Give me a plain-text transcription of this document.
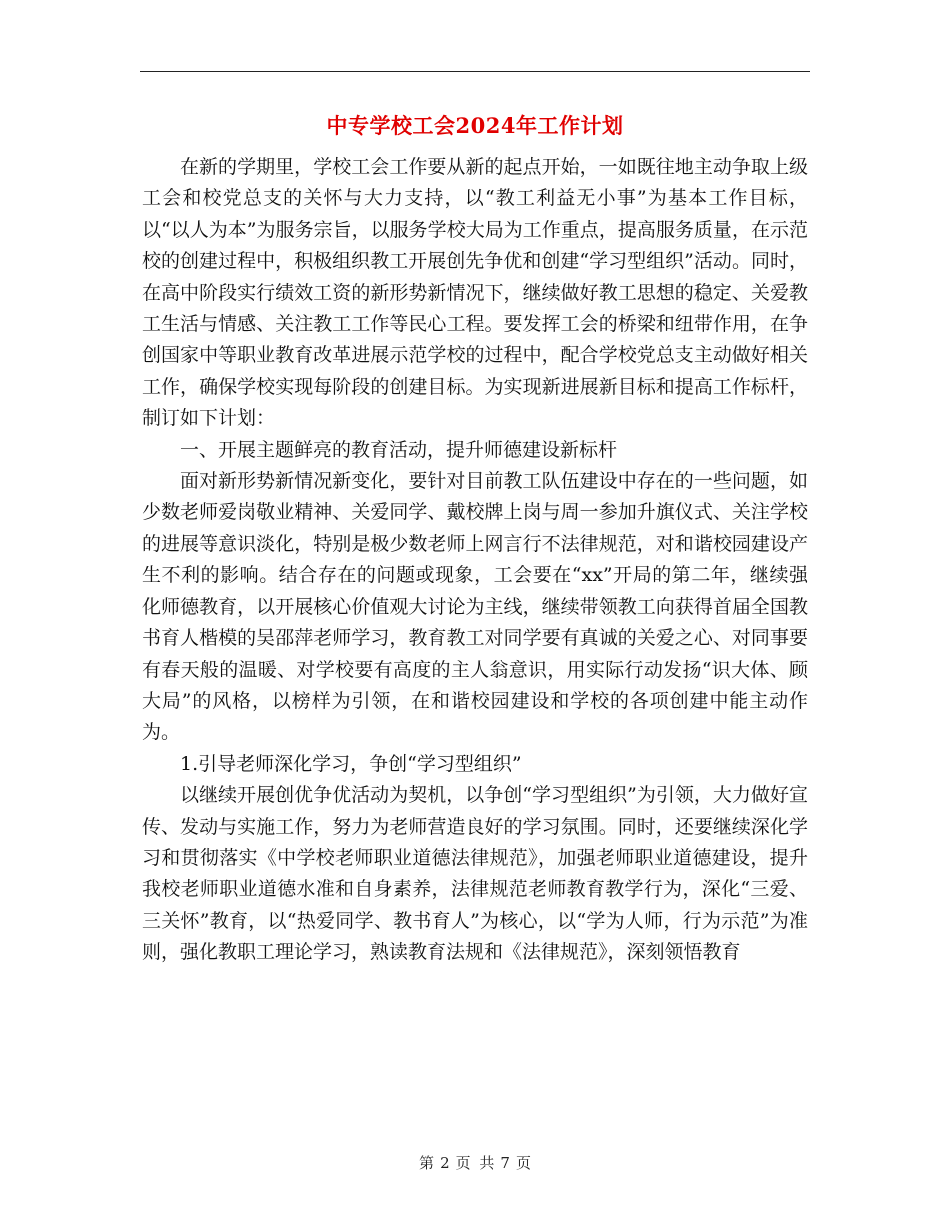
中专学校工会2024年工作计划

在新的学期里，学校工会工作要从新的起点开始，一如既往地主动争取上级工会和校党总支的关怀与大力支持，以“教工利益无小事”为基本工作目标，以“以人为本”为服务宗旨，以服务学校大局为工作重点，提高服务质量，在示范校的创建过程中，积极组织教工开展创先争优和创建“学习型组织”活动。同时，在高中阶段实行绩效工资的新形势新情况下，继续做好教工思想的稳定、关爱教工生活与情感、关注教工工作等民心工程。要发挥工会的桥梁和纽带作用，在争创国家中等职业教育改革进展示范学校的过程中，配合学校党总支主动做好相关工作，确保学校实现每阶段的创建目标。为实现新进展新目标和提高工作标杆，制订如下计划：

一、开展主题鲜亮的教育活动，提升师德建设新标杆

面对新形势新情况新变化，要针对目前教工队伍建设中存在的一些问题，如少数老师爱岗敬业精神、关爱同学、戴校牌上岗与周一参加升旗仪式、关注学校的进展等意识淡化，特别是极少数老师上网言行不法律规范，对和谐校园建设产生不利的影响。结合存在的问题或现象，工会要在“xx”开局的第二年，继续强化师德教育，以开展核心价值观大讨论为主线，继续带领教工向获得首届全国教书育人楷模的吴邵萍老师学习，教育教工对同学要有真诚的关爱之心、对同事要有春天般的温暖、对学校要有高度的主人翁意识，用实际行动发扬“识大体、顾大局”的风格，以榜样为引领，在和谐校园建设和学校的各项创建中能主动作为。

1.引导老师深化学习，争创“学习型组织”

以继续开展创优争优活动为契机，以争创“学习型组织”为引领，大力做好宣传、发动与实施工作，努力为老师营造良好的学习氛围。同时，还要继续深化学习和贯彻落实《中学校老师职业道德法律规范》，加强老师职业道德建设，提升我校老师职业道德水准和自身素养，法律规范老师教育教学行为，深化“三爱、三关怀”教育，以“热爱同学、教书育人”为核心，以“学为人师，行为示范”为准则，强化教职工理论学习，熟读教育法规和《法律规范》，深刻领悟教育

第 2 页 共 7 页
